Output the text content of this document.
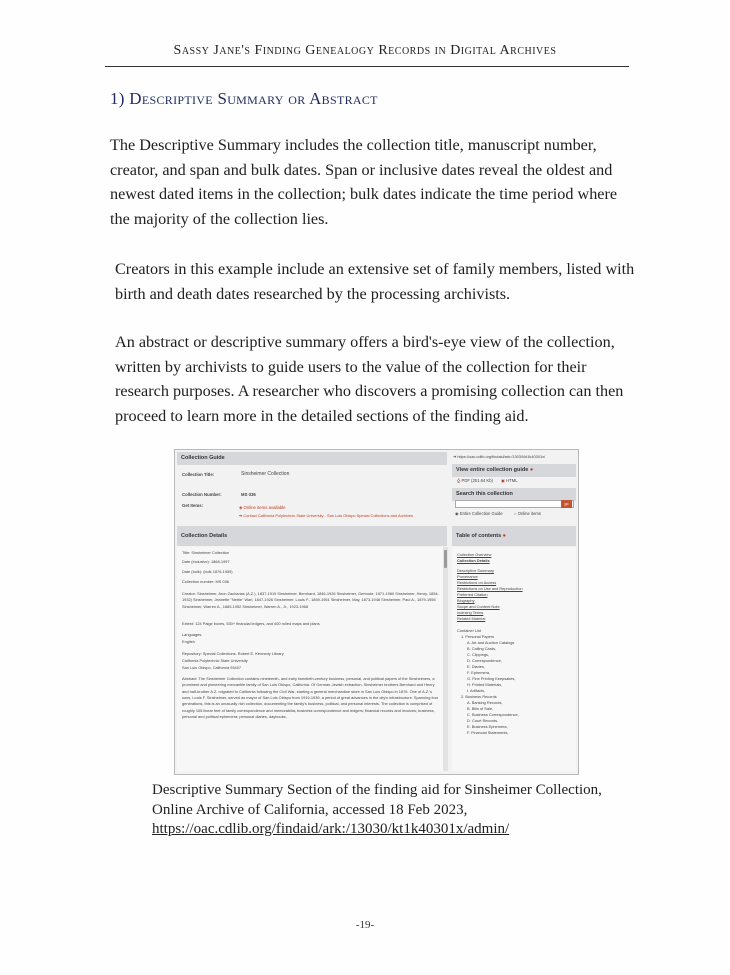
Sassy Jane's Finding Genealogy Records in Digital Archives
1) Descriptive Summary or Abstract
The Descriptive Summary includes the collection title, manuscript number, creator, and span and bulk dates. Span or inclusive dates reveal the oldest and newest dated items in the collection; bulk dates indicate the time period where the majority of the collection lies.
Creators in this example include an extensive set of family members, listed with birth and death dates researched by the processing archivists.
An abstract or descriptive summary offers a bird's-eye view of the collection, written by archivists to guide users to the value of the collection for their research purposes. A researcher who discovers a promising collection can then proceed to learn more in the detailed sections of the finding aid.
Collection Guide	➔ https://oac.cdlib.org/findaid/ark:/13030/kt1k40301x/
Collection Title:	Sinsheimer Collection
Collection Number:	MS 036
Get Items:	◈ Online items available
➥ Contact California Polytechnic State University - San Luis Obispo Special Collections and Archives
View entire collection guide ●
⎙ PDF (251.64 Kb) ▣ HTML
Search this collection
go
◉ Entire Collection Guide	○ Online items
Collection Details	Table of contents ●
Title: Sinsheimer Collection
Date (inclusive): 1868-1997
Date (bulk): (bulk 1876-1959)
Collection number: MS 036
Creator: Sinsheimer, Aron Zacharias (A.Z.), 1837-1919 Sinsheimer, Bernhard, 1846-1926 Sinsheimer, Gertrude, 1871-1960 Sinsheimer, Henry, 1854-1932) Sinsheimer, Jeanette "Nettie" Wari, 1847-1926 Sinsheimer, Louis F., 1869-1951 Sinsheimer, May, 1873-1948 Sinsheimer, Paul A., 1879-1956 Sinsheimer, Warren A., 1885-1952 Sinsheimer, Warren A., Jr., 1923-1968
Extent: 124 Paige boxes, 530+ financial ledgers, and 400 rolled maps and plans
Languages:
English
Repository: Special Collections. Robert E. Kennedy Library
California Polytechnic State University
San Luis Obispo, California 93407
Abstract: The Sinsheimer Collection contains nineteenth- and early twentieth-century business, personal, and political papers of the Sinsheimers, a prominent and pioneering mercantile family of San Luis Obispo, California. Of German-Jewish extraction, Sinsheimer brothers Bernhard and Henry and half-brother A.Z. migrated to California following the Civil War, starting a general merchandise store in San Luis Obispo in 1876. One of A.Z.'s sons, Louis F. Sinsheimer, served as mayor of San Luis Obispo from 1919-1939, a period of great advances in the city's infrastructure. Spanning four generations, this is an unusually rich collection, documenting the family's business, political, and personal interests. The collection is comprised of roughly 105 linear feet of family correspondence and memorabilia; business correspondence and ledgers; financial records and invoices; business, personal and political ephemera; personal diaries, daybooks,
Collection Overview
Collection Details
Descriptive Summary
Provenance
Restrictions on Access
Restrictions on Use and Reproduction
Preferred Citation
Biography
Scope and Content Note
Indexing Terms
Related Material
Container List
1. Personal Papers
A. Art and Auction Catalogs
B. Calling Cards,
C. Clippings,
D. Correspondence,
E. Diaries,
F. Ephemera,
G. Fine Printing Keepsakes,
H. Printed Materials,
I. Artifacts,
2. Business Records
A. Banking Records,
B. Bills of Sale,
C. Business Correspondence,
D. Court Records,
E. Business Ephemera,
F. Financial Statements,
Descriptive Summary Section of the finding aid for Sinsheimer Collection, Online Archive of California, accessed 18 Feb 2023, https://oac.cdlib.org/findaid/ark:/13030/kt1k40301x/admin/
-19-
